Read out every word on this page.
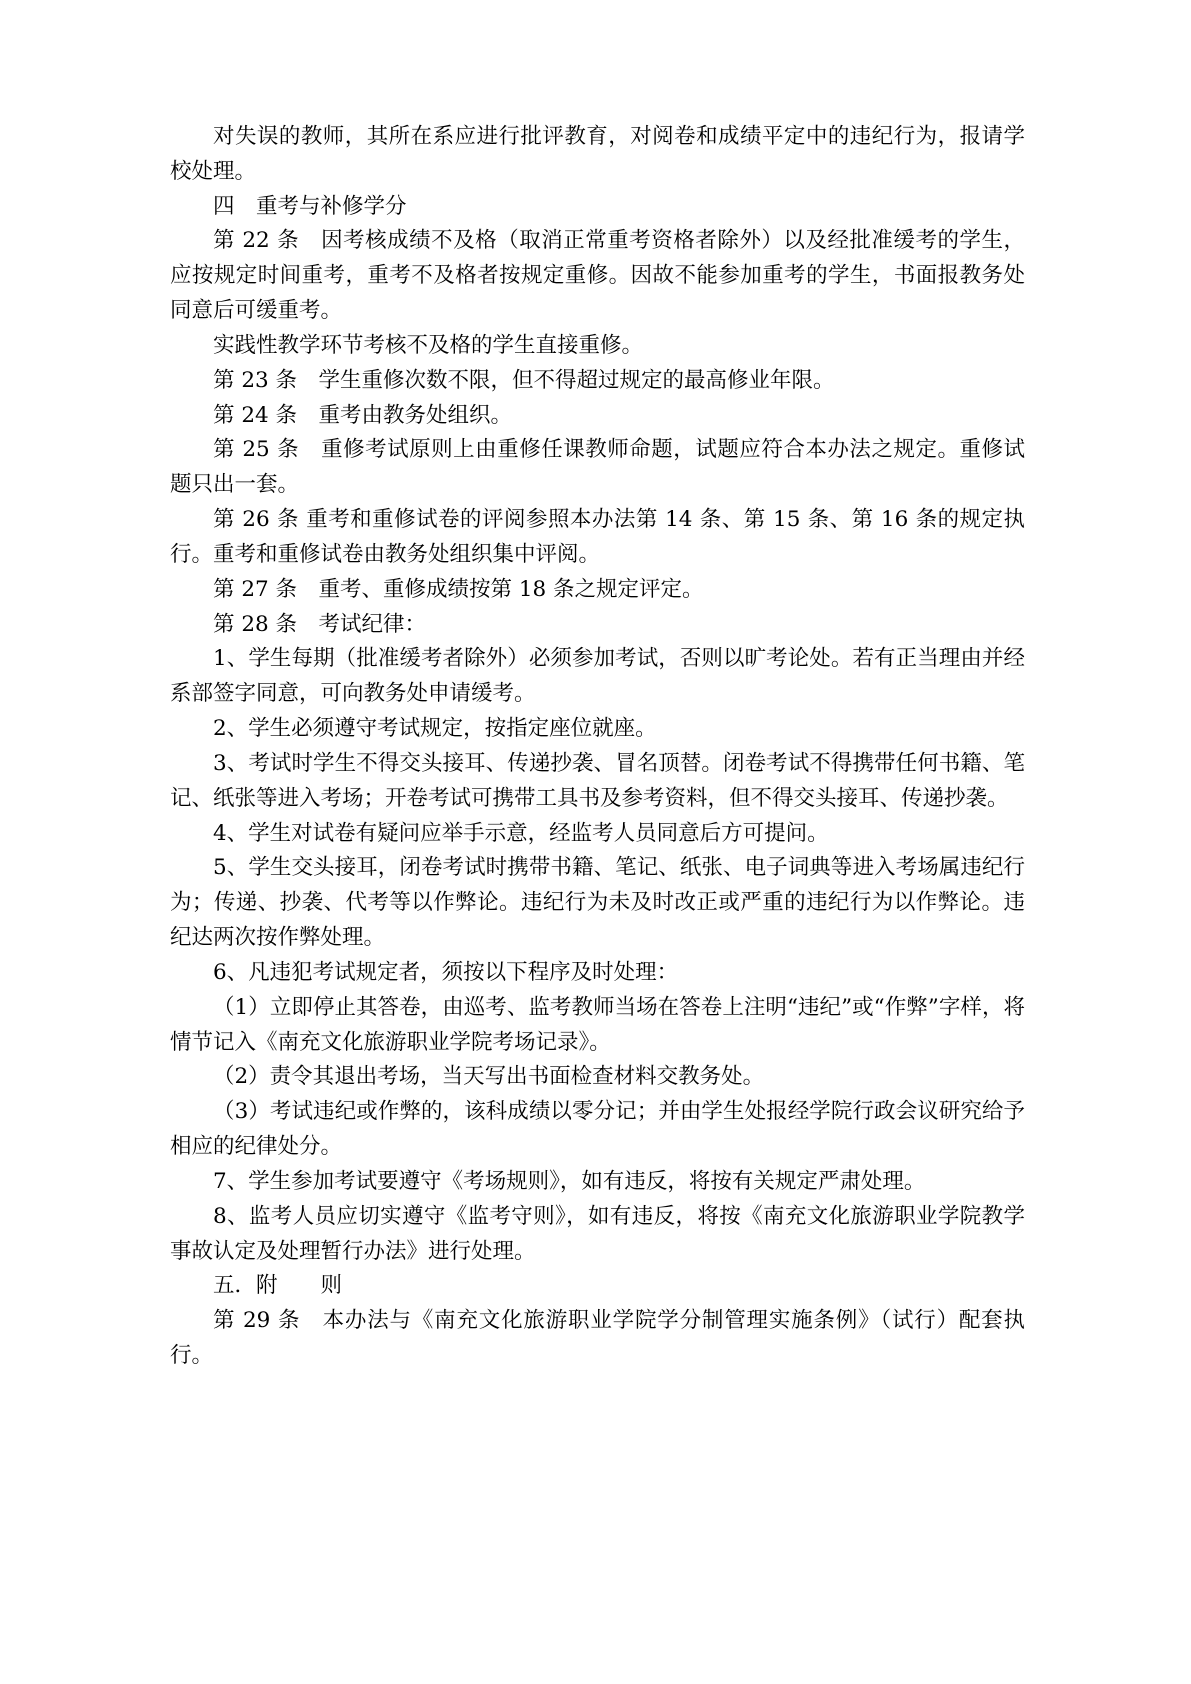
对失误的教师，其所在系应进行批评教育，对阅卷和成绩平定中的违纪行为，报请学校处理。

四　重考与补修学分

第 22 条　因考核成绩不及格（取消正常重考资格者除外）以及经批准缓考的学生，应按规定时间重考，重考不及格者按规定重修。因故不能参加重考的学生，书面报教务处同意后可缓重考。

实践性教学环节考核不及格的学生直接重修。

第 23 条　学生重修次数不限，但不得超过规定的最高修业年限。

第 24 条　重考由教务处组织。

第 25 条　重修考试原则上由重修任课教师命题，试题应符合本办法之规定。重修试题只出一套。

第 26 条 重考和重修试卷的评阅参照本办法第 14 条、第 15 条、第 16 条的规定执行。重考和重修试卷由教务处组织集中评阅。

第 27 条　重考、重修成绩按第 18 条之规定评定。

第 28 条　考试纪律：

1、学生每期（批准缓考者除外）必须参加考试，否则以旷考论处。若有正当理由并经系部签字同意，可向教务处申请缓考。

2、学生必须遵守考试规定，按指定座位就座。

3、考试时学生不得交头接耳、传递抄袭、冒名顶替。闭卷考试不得携带任何书籍、笔记、纸张等进入考场；开卷考试可携带工具书及参考资料，但不得交头接耳、传递抄袭。

4、学生对试卷有疑问应举手示意，经监考人员同意后方可提问。

5、学生交头接耳，闭卷考试时携带书籍、笔记、纸张、电子词典等进入考场属违纪行为；传递、抄袭、代考等以作弊论。违纪行为未及时改正或严重的违纪行为以作弊论。违纪达两次按作弊处理。

6、凡违犯考试规定者，须按以下程序及时处理：

（1）立即停止其答卷，由巡考、监考教师当场在答卷上注明“违纪”或“作弊”字样，将情节记入《南充文化旅游职业学院考场记录》。

（2）责令其退出考场，当天写出书面检查材料交教务处。

（3）考试违纪或作弊的，该科成绩以零分记；并由学生处报经学院行政会议研究给予相应的纪律处分。

7、学生参加考试要遵守《考场规则》，如有违反，将按有关规定严肃处理。

8、监考人员应切实遵守《监考守则》，如有违反，将按《南充文化旅游职业学院教学事故认定及处理暂行办法》进行处理。

五．附　　则

第 29 条　本办法与《南充文化旅游职业学院学分制管理实施条例》（试行）配套执行。
